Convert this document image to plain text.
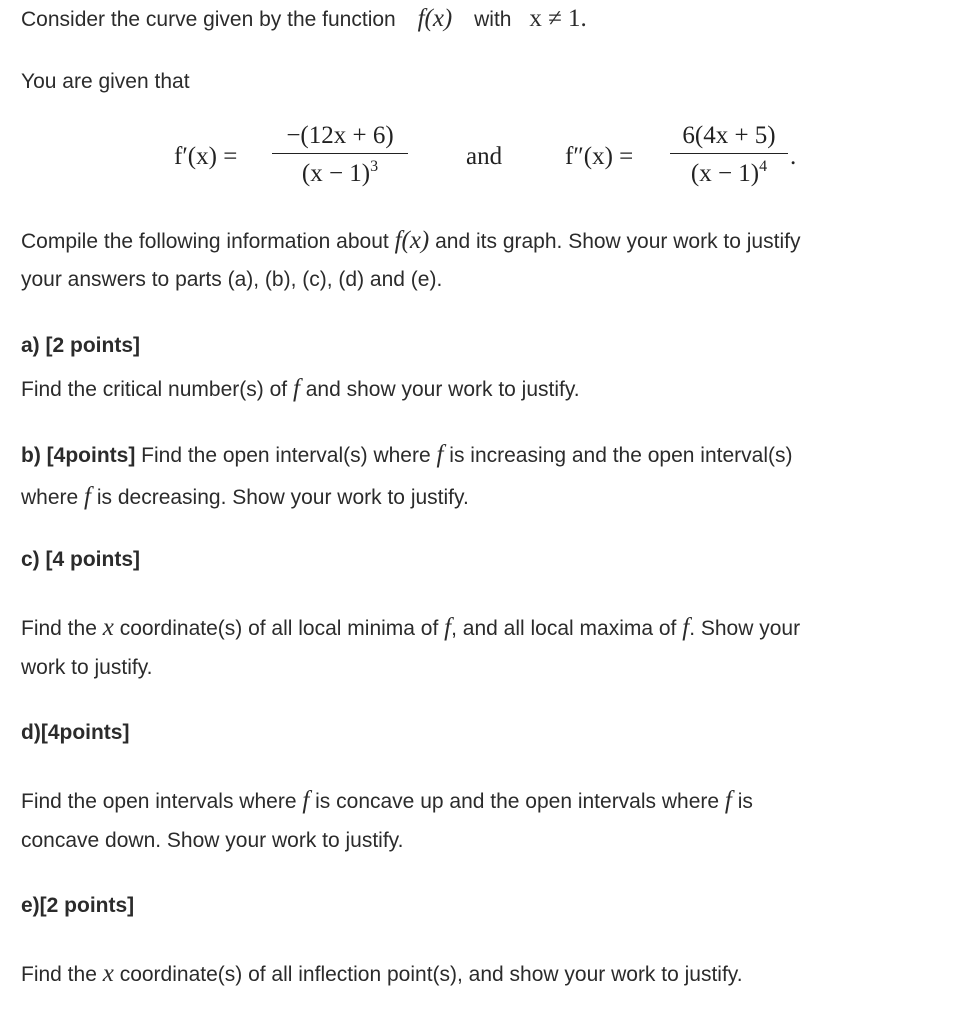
Consider the curve given by the function f(x) with x ≠ 1.
You are given that
f′(x) =
−(12x + 6)
$(x - 1)^3$	and	f″(x) =
6(4x + 5)
$(x - 1)^4$ .
Compile the following information about f(x) and its graph. Show your work to justify
your answers to parts (a), (b), (c), (d) and (e).
a) [2 points]
Find the critical number(s) of f and show your work to justify.
b) [4points] Find the open interval(s) where f is increasing and the open interval(s)
where f is decreasing. Show your work to justify.
c) [4 points]
Find the x coordinate(s) of all local minima of f, and all local maxima of f. Show your
work to justify.
d)[4points]
Find the open intervals where f is concave up and the open intervals where f is
concave down. Show your work to justify.
e)[2 points]
Find the x coordinate(s) of all inflection point(s), and show your work to justify.
